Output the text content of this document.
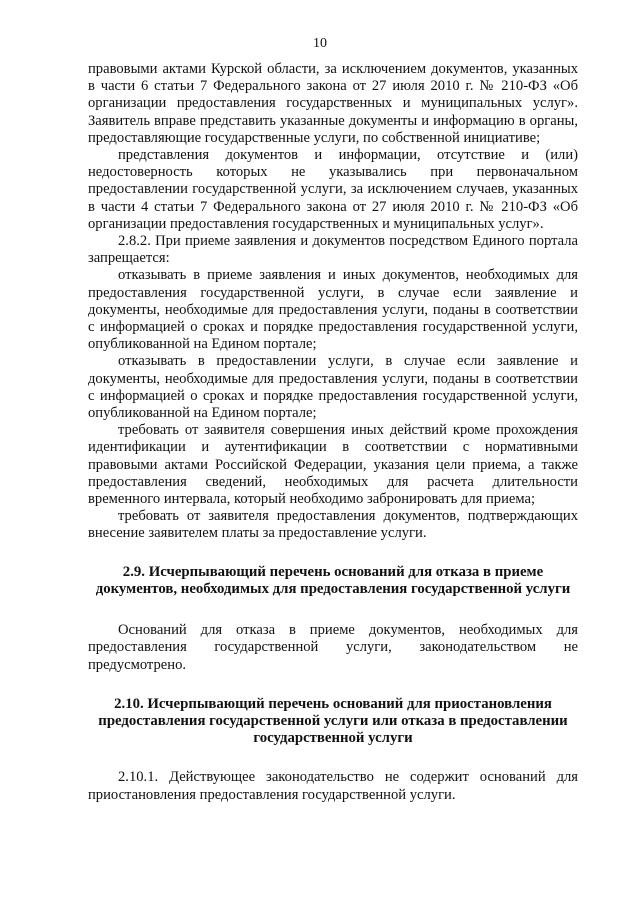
10

правовыми актами Курской области, за исключением документов, указанных в части 6 статьи 7 Федерального закона от 27 июля 2010 г. № 210-ФЗ «Об организации предоставления государственных и муниципальных услуг». Заявитель вправе представить указанные документы и информацию в органы, предоставляющие государственные услуги, по собственной инициативе;

представления документов и информации, отсутствие и (или) недостоверность которых не указывались при первоначальном предоставлении государственной услуги, за исключением случаев, указанных в части 4 статьи 7 Федерального закона от 27 июля 2010 г. № 210-ФЗ «Об организации предоставления государственных и муниципальных услуг».

2.8.2. При приеме заявления и документов посредством Единого портала запрещается:

отказывать в приеме заявления и иных документов, необходимых для предоставления государственной услуги, в случае если заявление и документы, необходимые для предоставления услуги, поданы в соответствии с информацией о сроках и порядке предоставления государственной услуги, опубликованной на Едином портале;

отказывать в предоставлении услуги, в случае если заявление и документы, необходимые для предоставления услуги, поданы в соответствии с информацией о сроках и порядке предоставления государственной услуги, опубликованной на Едином портале;

требовать от заявителя совершения иных действий кроме прохождения идентификации и аутентификации в соответствии с нормативными правовыми актами Российской Федерации, указания цели приема, а также предоставления сведений, необходимых для расчета длительности временного интервала, который необходимо забронировать для приема;

требовать от заявителя предоставления документов, подтверждающих внесение заявителем платы за предоставление услуги.

2.9. Исчерпывающий перечень оснований для отказа в приеме документов, необходимых для предоставления государственной услуги

Оснований для отказа в приеме документов, необходимых для предоставления государственной услуги, законодательством не предусмотрено.

2.10. Исчерпывающий перечень оснований для приостановления предоставления государственной услуги или отказа в предоставлении государственной услуги

2.10.1. Действующее законодательство не содержит оснований для приостановления предоставления государственной услуги.
